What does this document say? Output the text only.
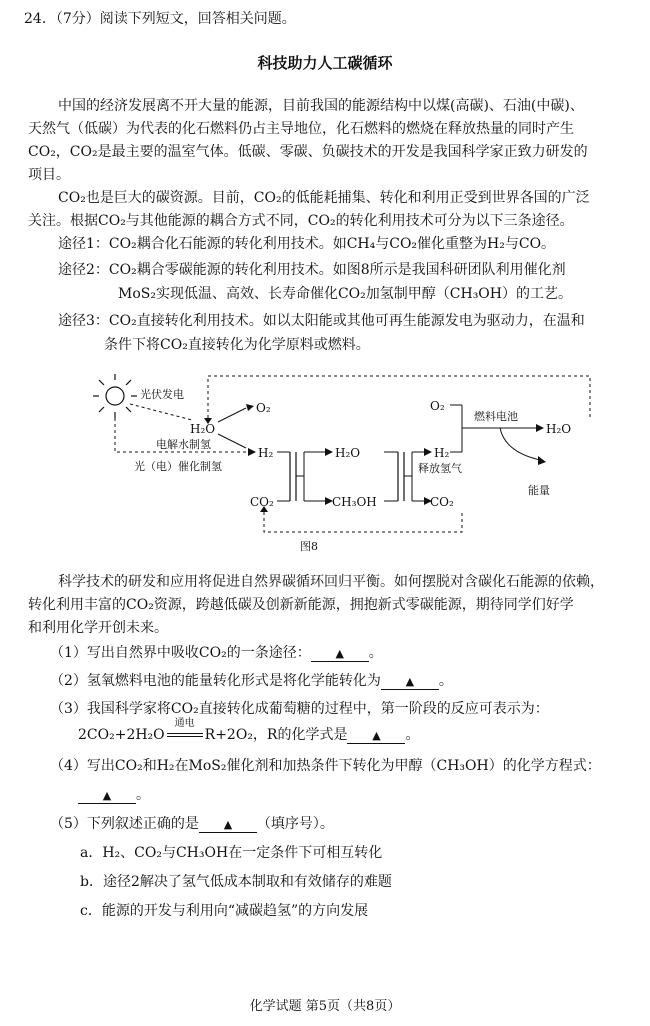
24．（7分）阅读下列短文，回答相关问题。
科技助力人工碳循环
中国的经济发展离不开大量的能源，目前我国的能源结构中以煤(高碳)、石油(中碳)、
天然气（低碳）为代表的化石燃料仍占主导地位，化石燃料的燃烧在释放热量的同时产生
CO₂，CO₂是最主要的温室气体。低碳、零碳、负碳技术的开发是我国科学家正致力研发的
项目。
CO₂也是巨大的碳资源。目前，CO₂的低能耗捕集、转化和利用正受到世界各国的广泛
关注。根据CO₂与其他能源的耦合方式不同，CO₂的转化利用技术可分为以下三条途径。
途径1：CO₂耦合化石能源的转化利用技术。如CH₄与CO₂催化重整为H₂与CO。
途径2：CO₂耦合零碳能源的转化利用技术。如图8所示是我国科研团队利用催化剂
MoS₂实现低温、高效、长寿命催化CO₂加氢制甲醇（CH₃OH）的工艺。
途径3：CO₂直接转化利用技术。如以太阳能或其他可再生能源发电为驱动力，在温和
条件下将CO₂直接转化为化学原料或燃料。
光伏发电
H₂O
O₂
电解水制氢
光（电）催化制氢
H₂
CO₂
H₂O
CH₃OH
释放氢气
H₂
CO₂
O₂
燃料电池
H₂O
能量
图8
科学技术的研发和应用将促进自然界碳循环回归平衡。如何摆脱对含碳化石能源的依赖，
转化利用丰富的CO₂资源，跨越低碳及创新新能源，拥抱新式零碳能源，期待同学们好学
和利用化学开创未来。
（1）写出自然界中吸收CO₂的一条途径： ▲ 。
（2）氢氧燃料电池的能量转化形式是将化学能转化为 ▲ 。
（3）我国科学家将CO₂直接转化成葡萄糖的过程中，第一阶段的反应可表示为：
2CO₂+2H₂O
通电
R+2O₂，R的化学式是 ▲ 。
（4）写出CO₂和H₂在MoS₂催化剂和加热条件下转化为甲醇（CH₃OH）的化学方程式：
▲ 。
（5）下列叙述正确的是 ▲ （填序号）。
a．H₂、CO₂与CH₃OH在一定条件下可相互转化
b．途径2解决了氢气低成本制取和有效储存的难题
c．能源的开发与利用向“减碳趋氢”的方向发展
化学试题 第5页（共8页）
